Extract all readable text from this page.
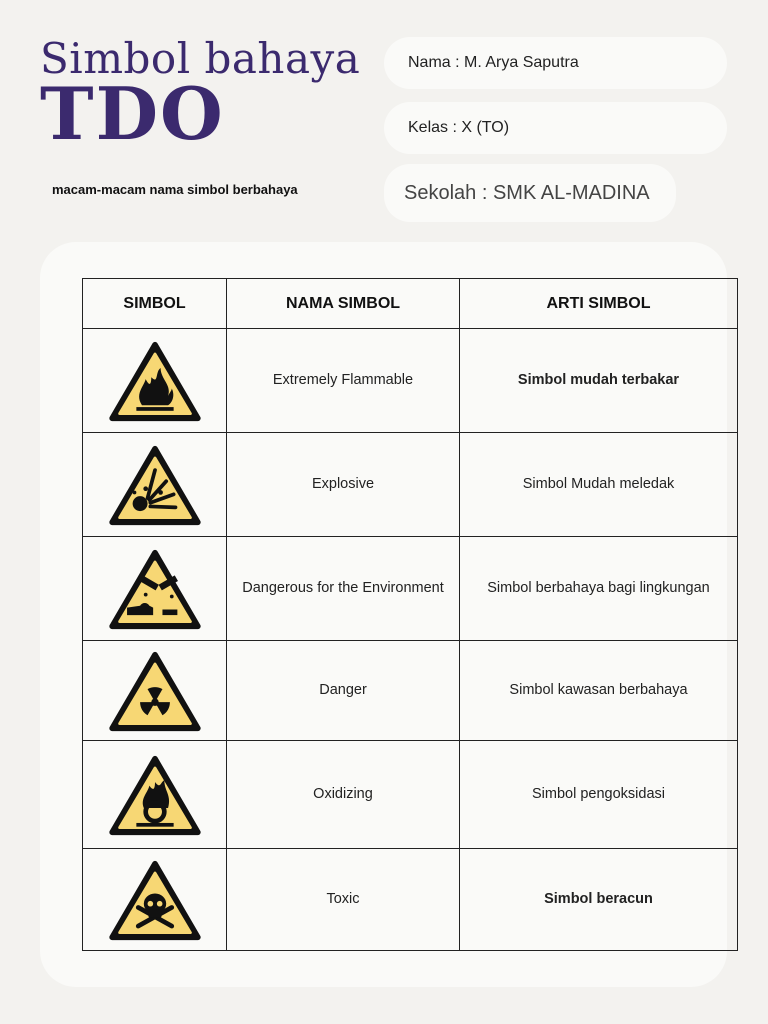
Simbol bahaya
TDO
macam-macam nama simbol berbahaya
Nama : M. Arya Saputra
Kelas : X (TO)
Sekolah : SMK AL-MADINA
SIMBOL	NAMA SIMBOL	ARTI SIMBOL

	Extremely Flammable	Simbol mudah terbakar

	Explosive	Simbol Mudah meledak

	Dangerous for the Environment	Simbol berbahaya bagi lingkungan

	Danger	Simbol kawasan berbahaya

	Oxidizing	Simbol pengoksidasi

	Toxic	Simbol beracun
